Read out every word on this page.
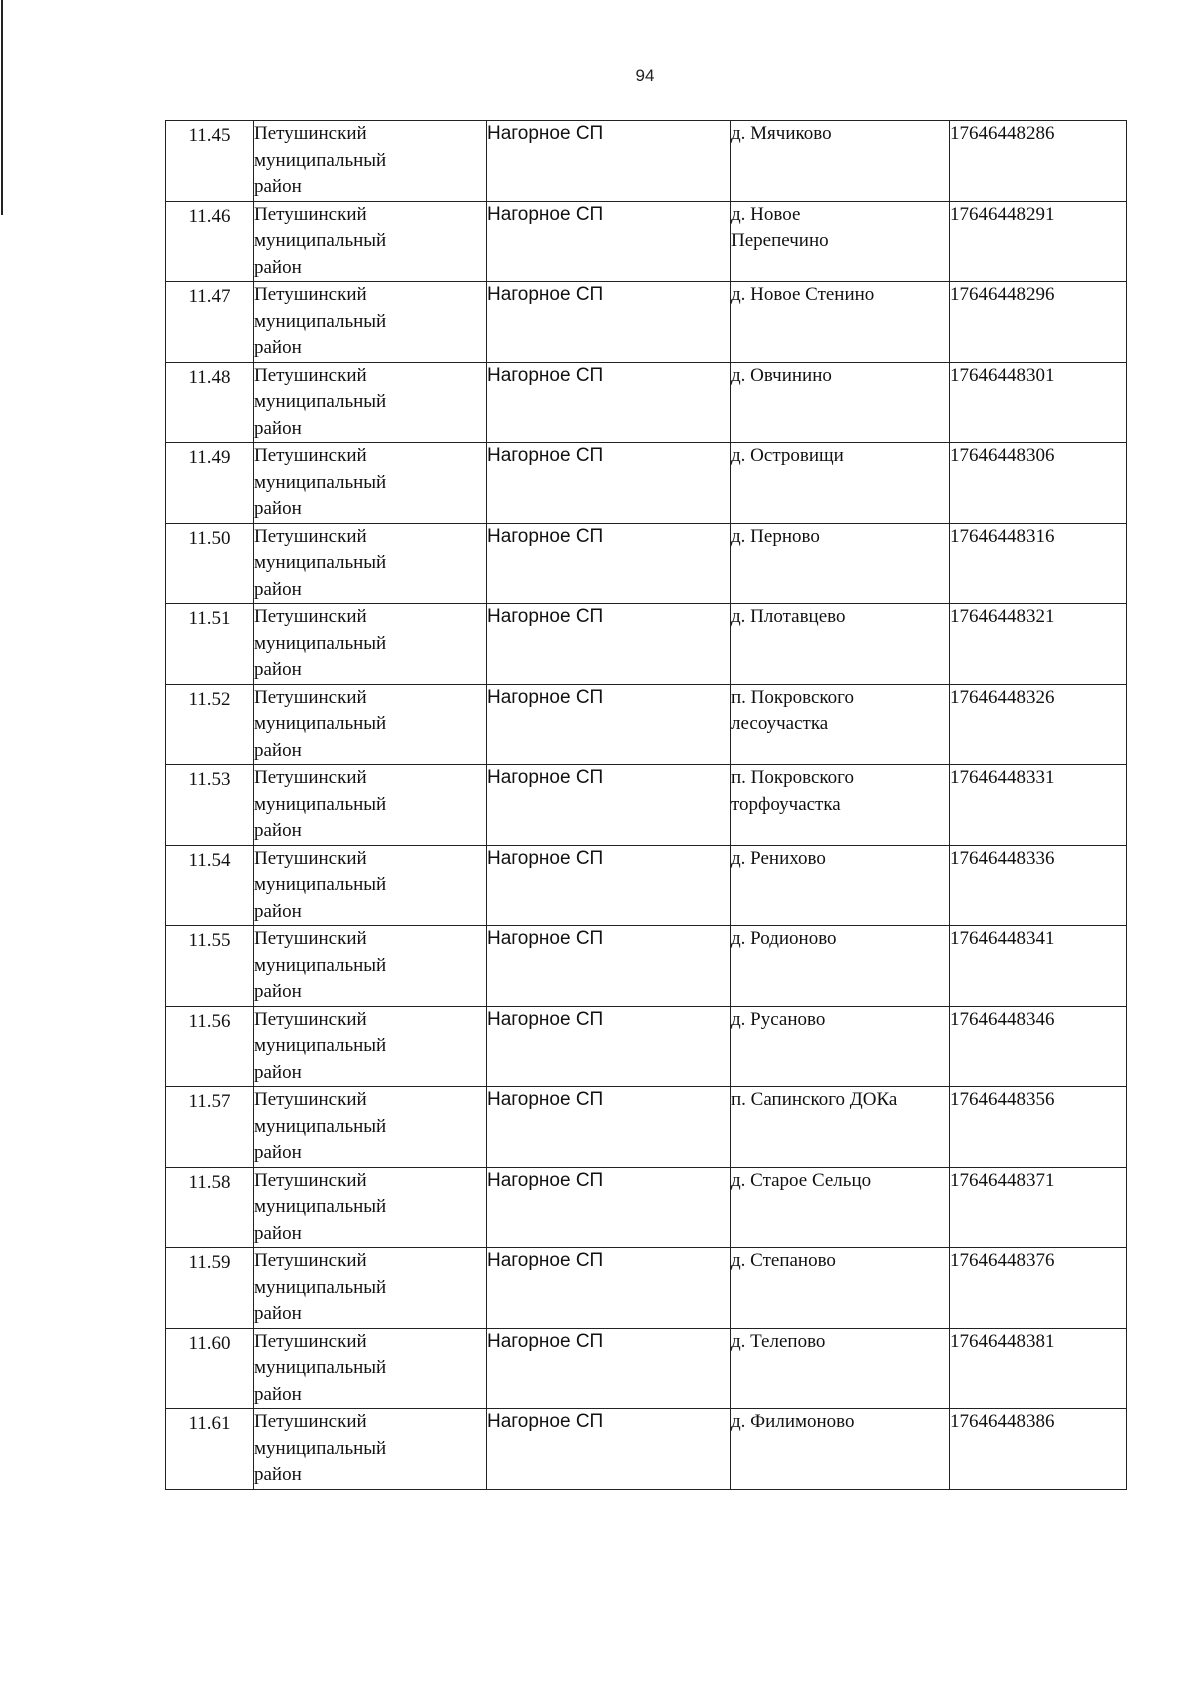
94
11.45	Петушинский
муниципальный
район	Нагорное СП	д. Мячиково	17646448286

11.46	Петушинский
муниципальный
район	Нагорное СП	д. Новое
Перепечино	17646448291

11.47	Петушинский
муниципальный
район	Нагорное СП	д. Новое Стенино	17646448296

11.48	Петушинский
муниципальный
район	Нагорное СП	д. Овчинино	17646448301

11.49	Петушинский
муниципальный
район	Нагорное СП	д. Островищи	17646448306

11.50	Петушинский
муниципальный
район	Нагорное СП	д. Перново	17646448316

11.51	Петушинский
муниципальный
район	Нагорное СП	д. Плотавцево	17646448321

11.52	Петушинский
муниципальный
район	Нагорное СП	п. Покровского
лесоучастка	17646448326

11.53	Петушинский
муниципальный
район	Нагорное СП	п. Покровского
торфоучастка	17646448331

11.54	Петушинский
муниципальный
район	Нагорное СП	д. Ренихово	17646448336

11.55	Петушинский
муниципальный
район	Нагорное СП	д. Родионово	17646448341

11.56	Петушинский
муниципальный
район	Нагорное СП	д. Русаново	17646448346

11.57	Петушинский
муниципальный
район	Нагорное СП	п. Сапинского ДОКа	17646448356

11.58	Петушинский
муниципальный
район	Нагорное СП	д. Старое Сельцо	17646448371

11.59	Петушинский
муниципальный
район	Нагорное СП	д. Степаново	17646448376

11.60	Петушинский
муниципальный
район	Нагорное СП	д. Телепово	17646448381

11.61	Петушинский
муниципальный
район	Нагорное СП	д. Филимоново	17646448386
